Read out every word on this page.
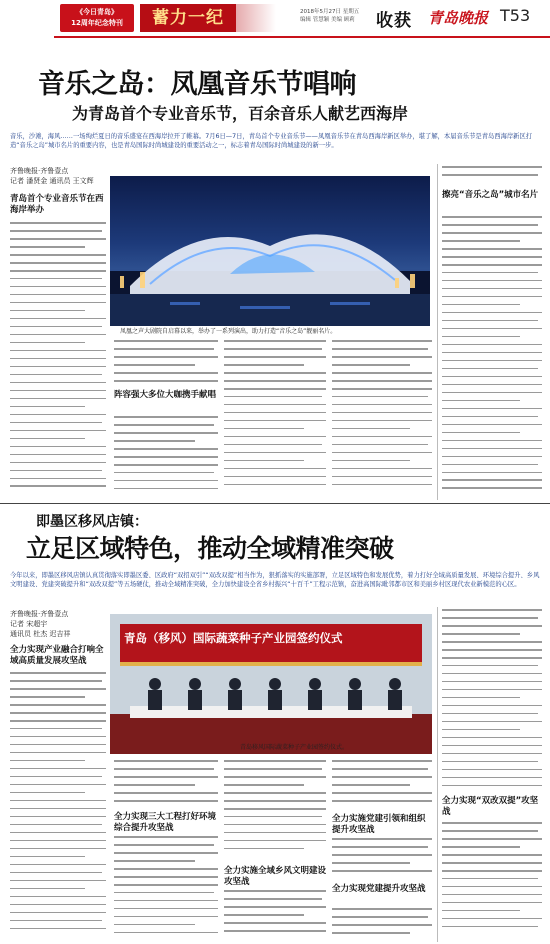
《今日青岛》
12周年纪念特刊	蓄力一纪	2018年5月27日 星期五
编辑 管慧颖 美编 顾莉	收获 青岛晚报 T53
音乐之岛：凤凰音乐节唱响
为青岛首个专业音乐节，百余音乐人献艺西海岸
音乐，沙滩，海风……一场绚烂夏日的音乐盛宴在西海岸拉开了帷幕。7月6日—7日，青岛首个专业音乐节——凤凰音乐节在青岛西海岸新区举办，堪了解，本届音乐节是青岛西海岸新区打造“音乐之岛”城市名片的重要内容，也是青岛国际时尚城建设的重要活动之一，标志着青岛国际时尚城建设的新一步。
齐鲁晚报·齐鲁壹点
记者 潘贤金 通讯员 王文辉
青岛首个专业音乐节在西海岸举办
凤凰之声大剧院自启幕以来，举办了一系列演出，助力打造“音乐之岛”靓丽名片。
阵容强大多位大咖携手献唱
擦亮“音乐之岛”城市名片
即墨区移风店镇：
立足区域特色，推动全域精准突破
今年以来，即墨区移风店镇认真贯彻落实即墨区委、区政府“双招双引”“双改双提”相当作为，狠抓落实的实施部署，立足区域特色和发展优势，着力打好全域高质量发展、环境综合提升、乡风文明建设、党建突破提升和“双改双提”等五场硬仗，推动全域精准突破，全力加快建设全省乡村振兴“十百千”工程示范镇，奋进高国际毗邻都市区和美丽乡村区现代农业新模范的心区。
齐鲁晚报·齐鲁壹点
记者 宋超宇
通讯员 杜杰 迟吉祥
全力实现产业融合打响全域高质量发展攻坚战
青岛（移风）国际蔬菜种子产业园签约仪式
青岛移风国际蔬菜种子产业园签约仪式。
全力实现三大工程打好环境综合提升攻坚战
全力实施全域乡风文明建设攻坚战
全力实施党建引领和组织提升攻坚战
全力实现党建提升攻坚战
全力实现“双改双提”攻坚战
